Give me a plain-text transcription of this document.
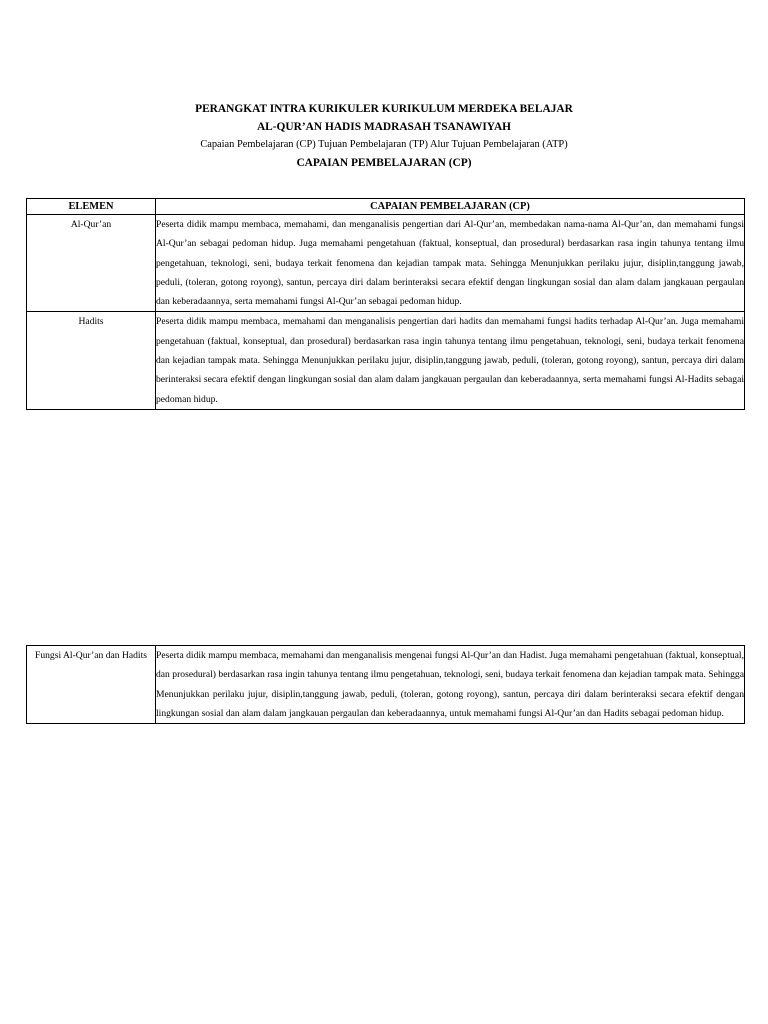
PERANGKAT INTRA KURIKULER KURIKULUM MERDEKA BELAJAR
AL-QUR’AN HADIS MADRASAH TSANAWIYAH
Capaian Pembelajaran (CP) Tujuan Pembelajaran (TP) Alur Tujuan Pembelajaran (ATP)
CAPAIAN PEMBELAJARAN (CP)
ELEMEN	CAPAIAN PEMBELAJARAN (CP)
Al-Qur’an	Peserta didik mampu membaca, memahami, dan menganalisis pengertian dari Al-Qur’an, membedakan nama-nama Al-Qur’an, dan memahami fungsi Al-Qur’an sebagai pedoman hidup. Juga memahami pengetahuan (faktual, konseptual, dan prosedural) berdasarkan rasa ingin tahunya tentang ilmu pengetahuan, teknologi, seni, budaya terkait fenomena dan kejadian tampak mata. Sehingga Menunjukkan perilaku jujur, disiplin,tanggung jawab, peduli, (toleran, gotong royong), santun, percaya diri dalam berinteraksi secara efektif dengan lingkungan sosial dan alam dalam jangkauan pergaulan dan keberadaannya, serta memahami fungsi Al-Qur’an sebagai pedoman hidup.
Hadits	Peserta didik mampu membaca, memahami dan menganalisis pengertian dari hadits dan memahami fungsi hadits terhadap Al-Qur’an. Juga memahami pengetahuan (faktual, konseptual, dan prosedural) berdasarkan rasa ingin tahunya tentang ilmu pengetahuan, teknologi, seni, budaya terkait fenomena dan kejadian tampak mata. Sehingga Menunjukkan perilaku jujur, disiplin,tanggung jawab, peduli, (toleran, gotong royong), santun, percaya diri dalam berinteraksi secara efektif dengan lingkungan sosial dan alam dalam jangkauan pergaulan dan keberadaannya, serta memahami fungsi Al-Hadits sebagai pedoman hidup.
Fungsi Al-Qur’an dan Hadits	Peserta didik mampu membaca, memahami dan menganalisis mengenai fungsi Al-Qur’an dan Hadist. Juga memahami pengetahuan (faktual, konseptual, dan prosedural) berdasarkan rasa ingin tahunya tentang ilmu pengetahuan, teknologi, seni, budaya terkait fenomena dan kejadian tampak mata. Sehingga Menunjukkan perilaku jujur, disiplin,tanggung jawab, peduli, (toleran, gotong royong), santun, percaya diri dalam berinteraksi secara efektif dengan lingkungan sosial dan alam dalam jangkauan pergaulan dan keberadaannya, untuk memahami fungsi Al-Qur’an dan Hadits sebagai pedoman hidup.
